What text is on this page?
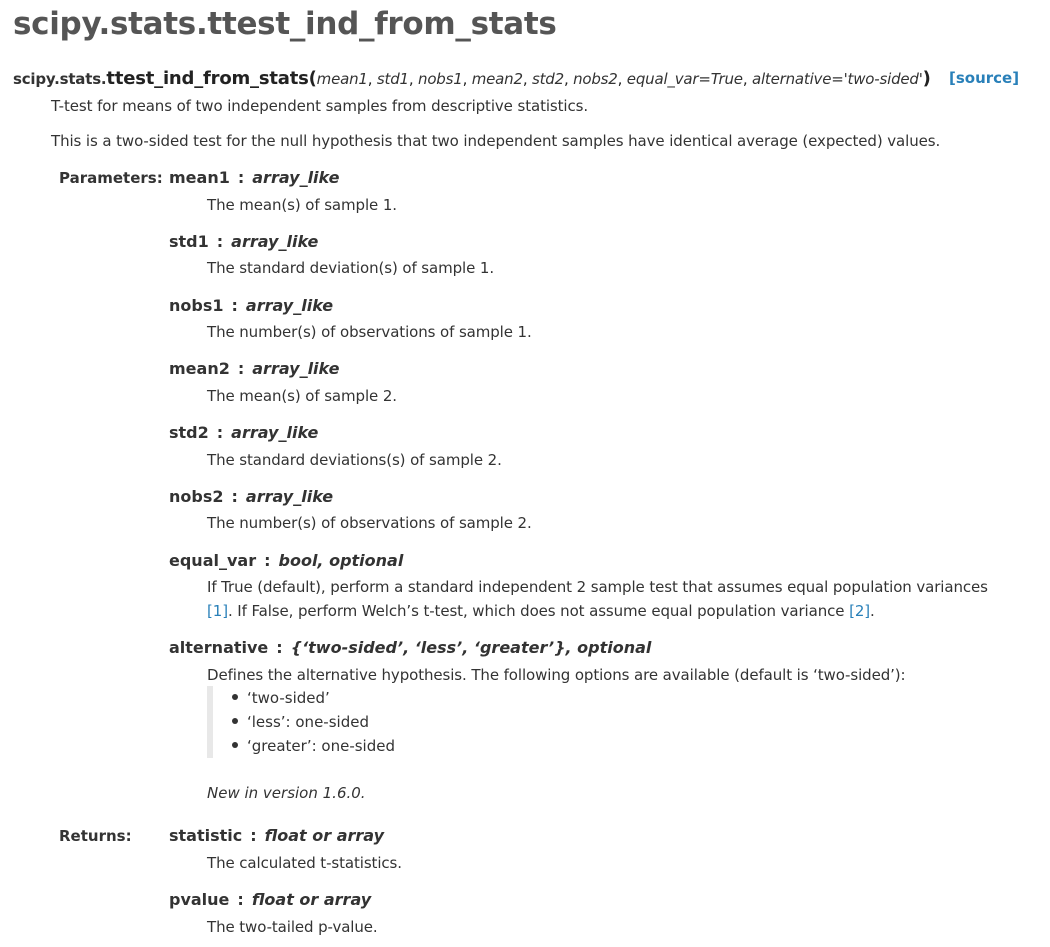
scipy.stats.ttest_ind_from_stats
scipy.stats.ttest_ind_from_stats(mean1, std1, nobs1, mean2, std2, nobs2, equal_var=True, alternative='two-sided') [source]
T-test for means of two independent samples from descriptive statistics.
This is a two-sided test for the null hypothesis that two independent samples have identical average (expected) values.
Parameters: mean1 : array_like
The mean(s) of sample 1.
std1 : array_like
The standard deviation(s) of sample 1.
nobs1 : array_like
The number(s) of observations of sample 1.
mean2 : array_like
The mean(s) of sample 2.
std2 : array_like
The standard deviations(s) of sample 2.
nobs2 : array_like
The number(s) of observations of sample 2.
equal_var : bool, optional
If True (default), perform a standard independent 2 sample test that assumes equal population variances
[1]. If False, perform Welch’s t-test, which does not assume equal population variance [2].
alternative : {‘two-sided’, ‘less’, ‘greater’}, optional
Defines the alternative hypothesis. The following options are available (default is ‘two-sided’):
‘two-sided’
‘less’: one-sided
‘greater’: one-sided
New in version 1.6.0.
Returns: statistic : float or array
The calculated t-statistics.
pvalue : float or array
The two-tailed p-value.
